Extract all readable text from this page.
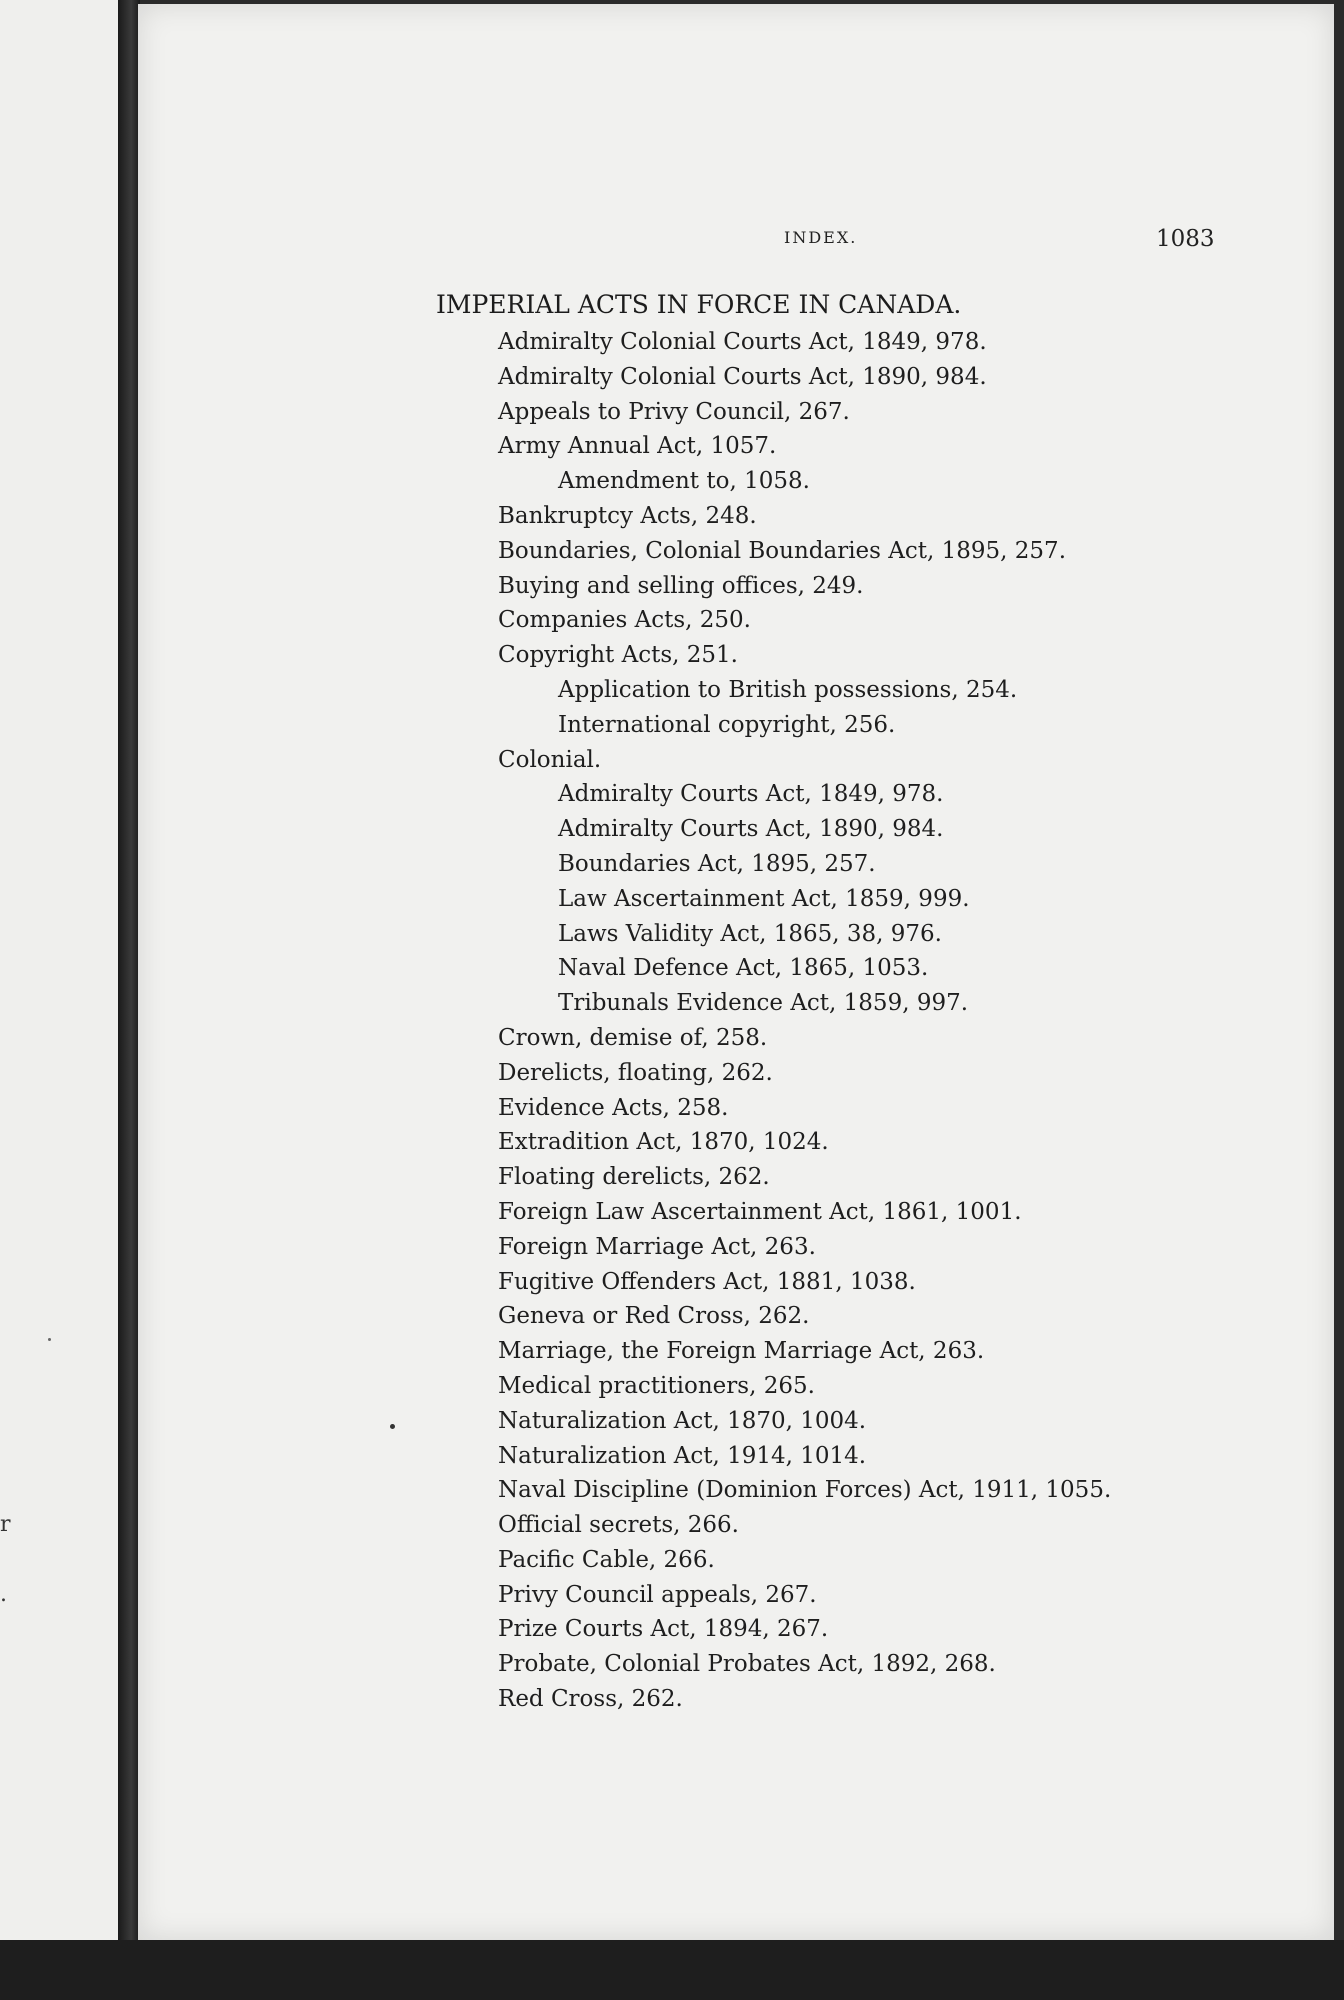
r
.
INDEX.	1083
IMPERIAL ACTS IN FORCE IN CANADA.
Admiralty Colonial Courts Act, 1849, 978.
Admiralty Colonial Courts Act, 1890, 984.
Appeals to Privy Council, 267.
Army Annual Act, 1057.
Amendment to, 1058.
Bankruptcy Acts, 248.
Boundaries, Colonial Boundaries Act, 1895, 257.
Buying and selling offices, 249.
Companies Acts, 250.
Copyright Acts, 251.
Application to British possessions, 254.
International copyright, 256.
Colonial.
Admiralty Courts Act, 1849, 978.
Admiralty Courts Act, 1890, 984.
Boundaries Act, 1895, 257.
Law Ascertainment Act, 1859, 999.
Laws Validity Act, 1865, 38, 976.
Naval Defence Act, 1865, 1053.
Tribunals Evidence Act, 1859, 997.
Crown, demise of, 258.
Derelicts, floating, 262.
Evidence Acts, 258.
Extradition Act, 1870, 1024.
Floating derelicts, 262.
Foreign Law Ascertainment Act, 1861, 1001.
Foreign Marriage Act, 263.
Fugitive Offenders Act, 1881, 1038.
Geneva or Red Cross, 262.
Marriage, the Foreign Marriage Act, 263.
Medical practitioners, 265.
Naturalization Act, 1870, 1004.
Naturalization Act, 1914, 1014.
Naval Discipline (Dominion Forces) Act, 1911, 1055.
Official secrets, 266.
Pacific Cable, 266.
Privy Council appeals, 267.
Prize Courts Act, 1894, 267.
Probate, Colonial Probates Act, 1892, 268.
Red Cross, 262.
